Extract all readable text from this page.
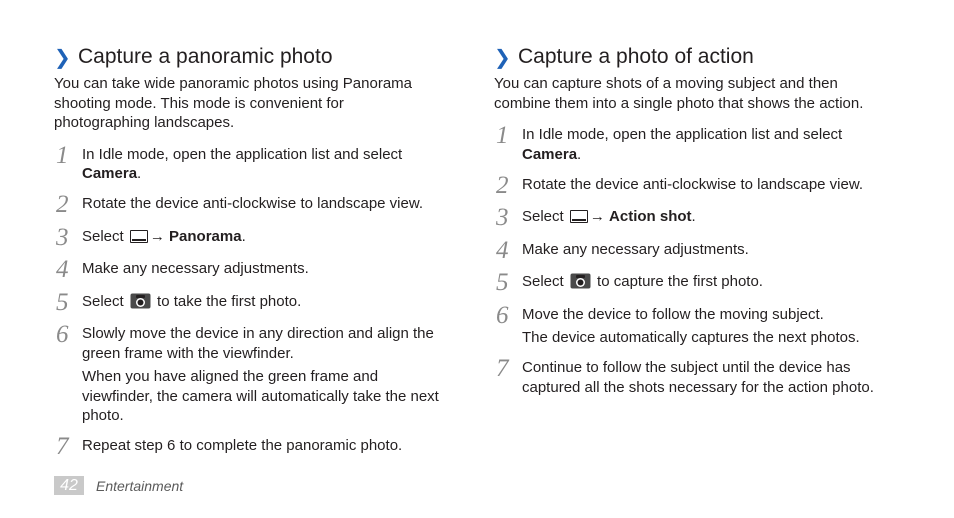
❯ Capture a panoramic photo

You can take wide panoramic photos using Panorama
shooting mode. This mode is convenient for
photographing landscapes.

1 In Idle mode, open the application list and select
Camera.

2 Rotate the device anti-clockwise to landscape view.

3 Select → Panorama.

4 Make any necessary adjustments.

5 Select to take the first photo.

6 Slowly move the device in any direction and align the
green frame with the viewfinder.

When you have aligned the green frame and
viewfinder, the camera will automatically take the next
photo.

7 Repeat step 6 to complete the panoramic photo.

❯ Capture a photo of action

You can capture shots of a moving subject and then
combine them into a single photo that shows the action.

1 In Idle mode, open the application list and select
Camera.

2 Rotate the device anti-clockwise to landscape view.

3 Select → Action shot.

4 Make any necessary adjustments.

5 Select to capture the first photo.

6 Move the device to follow the moving subject.

The device automatically captures the next photos.

7 Continue to follow the subject until the device has
captured all the shots necessary for the action photo.

42	Entertainment
